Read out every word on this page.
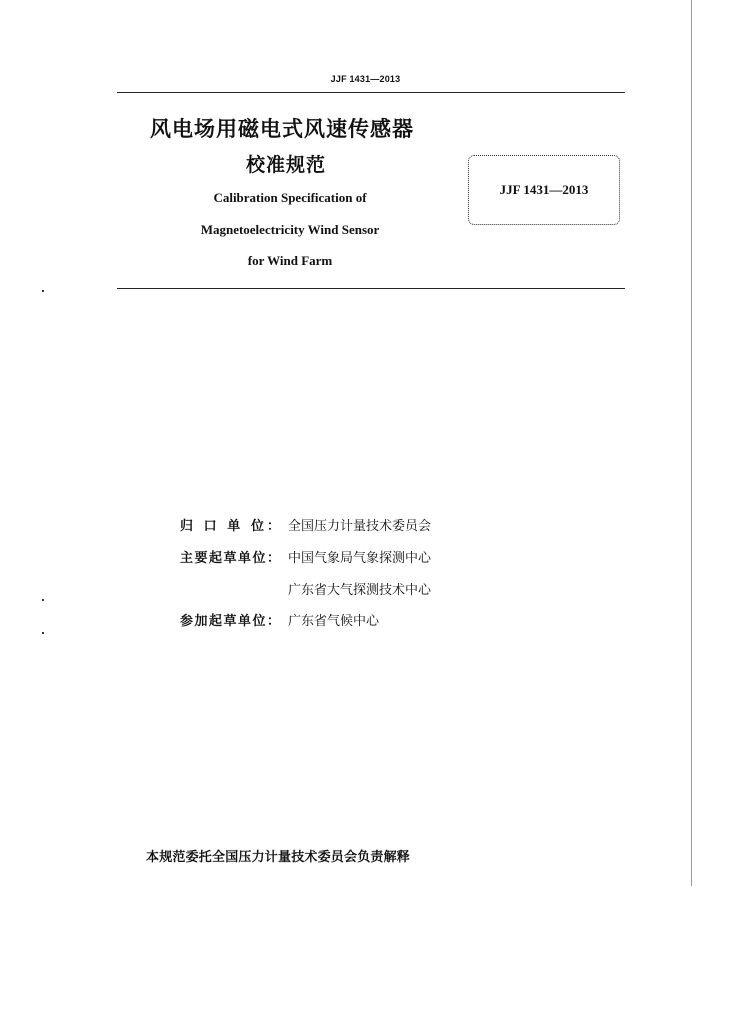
JJF 1431—2013
风电场用磁电式风速传感器
校准规范
Calibration Specification of
Magnetoelectricity Wind Sensor
for Wind Farm
JJF 1431—2013
归 口 单 位： 全国压力计量技术委员会
主要起草单位： 中国气象局气象探测中心
广东省大气探测技术中心
参加起草单位： 广东省气候中心
本规范委托全国压力计量技术委员会负责解释
